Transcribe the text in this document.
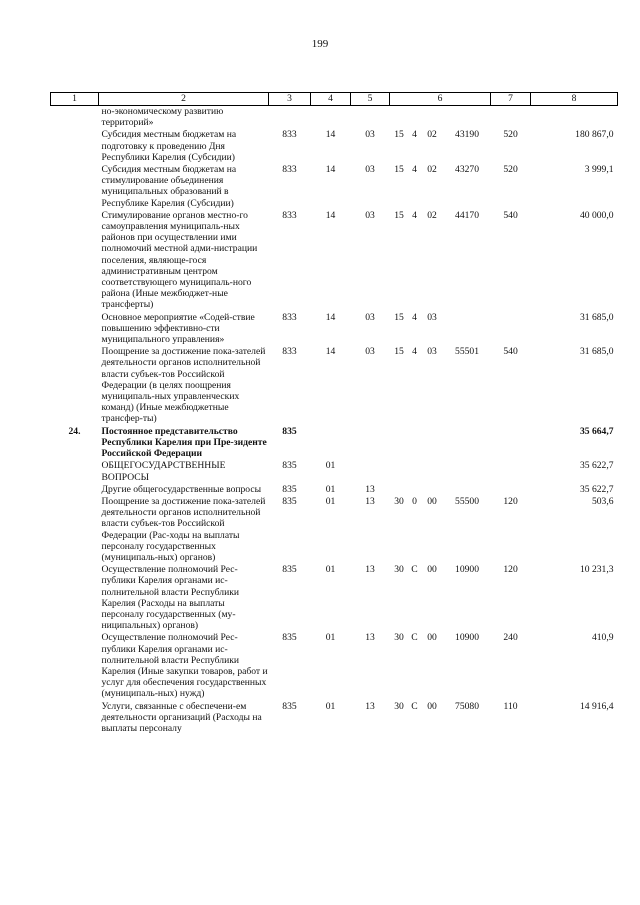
199
1	2	3	4	5	6				7	8
	но-экономическому развитию территорий»									
	Субсидия местным бюджетам на подготовку к проведению Дня Республики Карелия (Субсидии)	833	14	03	15	4	02	43190	520	180 867,0
	Субсидия местным бюджетам на стимулирование объединения муниципальных образований в Республике Карелия (Субсидии)	833	14	03	15	4	02	43270	520	3 999,1
	Стимулирование органов местно-го самоуправления муниципаль-ных районов при осуществлении ими полномочий местной адми-нистрации поселения, являюще-гося административным центром соответствующего муниципаль-ного района (Иные межбюджет-ные трансферты)	833	14	03	15	4	02	44170	540	40 000,0
	Основное мероприятие «Содей-ствие повышению эффективно-сти муниципального управления»	833	14	03	15	4	03			31 685,0
	Поощрение за достижение пока-зателей деятельности органов исполнительной власти субъек-тов Российской Федерации (в целях поощрения муниципаль-ных управленческих команд) (Иные межбюджетные трансфер-ты)	833	14	03	15	4	03	55501	540	31 685,0
24.	Постоянное представительство Республики Карелия при Пре-зиденте Российской Федерации	835								35 664,7
	ОБЩЕГОСУДАРСТВЕННЫЕ ВОПРОСЫ	835	01							35 622,7
	Другие общегосударственные вопросы	835	01	13						35 622,7
	Поощрение за достижение пока-зателей деятельности органов исполнительной власти субъек-тов Российской Федерации (Рас-ходы на выплаты персоналу государственных (муниципаль-ных) органов)	835	01	13	30	0	00	55500	120	503,6
	Осуществление полномочий Рес-публики Карелия органами ис-полнительной власти Республики Карелия (Расходы на выплаты персоналу государственных (му-ниципальных) органов)	835	01	13	30	С	00	10900	120	10 231,3
	Осуществление полномочий Рес-публики Карелия органами ис-полнительной власти Республики Карелия (Иные закупки товаров, работ и услуг для обеспечения государственных (муниципаль-ных) нужд)	835	01	13	30	С	00	10900	240	410,9
	Услуги, связанные с обеспечени-ем деятельности организаций (Расходы на выплаты персоналу	835	01	13	30	С	00	75080	110	14 916,4
